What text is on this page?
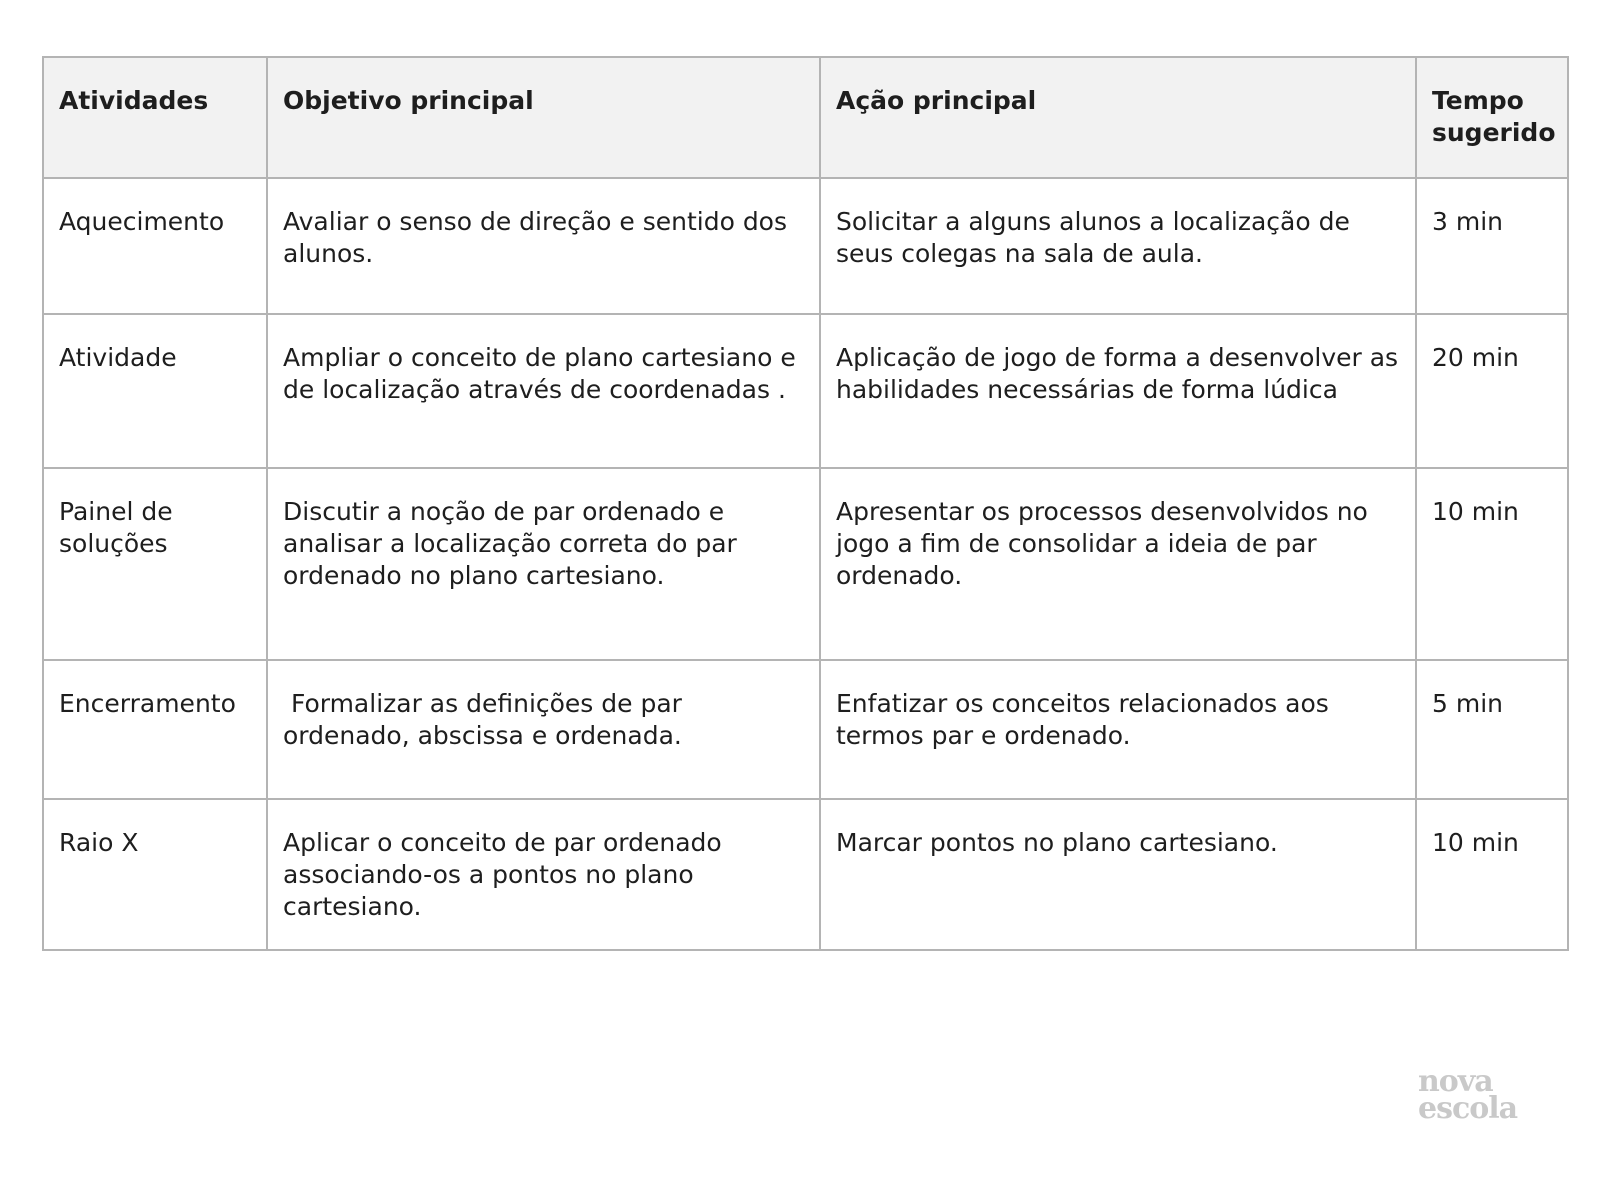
Atividades	Objetivo principal	Ação principal	Tempo sugerido
Aquecimento	Avaliar o senso de direção e sentido dos alunos.	Solicitar a alguns alunos a localização de seus colegas na sala de aula.	3 min
Atividade	Ampliar o conceito de plano cartesiano e de localização através de coordenadas .	Aplicação de jogo de forma a desenvolver as habilidades necessárias de forma lúdica	20 min
Painel de soluções	Discutir a noção de par ordenado e analisar a localização correta do par ordenado no plano cartesiano.	Apresentar os processos desenvolvidos no jogo a fim de consolidar a ideia de par ordenado.	10 min
Encerramento	Formalizar as definições de par ordenado, abscissa e ordenada.	Enfatizar os conceitos relacionados aos termos par e ordenado.	5 min
Raio X	Aplicar o conceito de par ordenado associando-os a pontos no plano cartesiano.	Marcar pontos no plano cartesiano.	10 min
nova
escola
